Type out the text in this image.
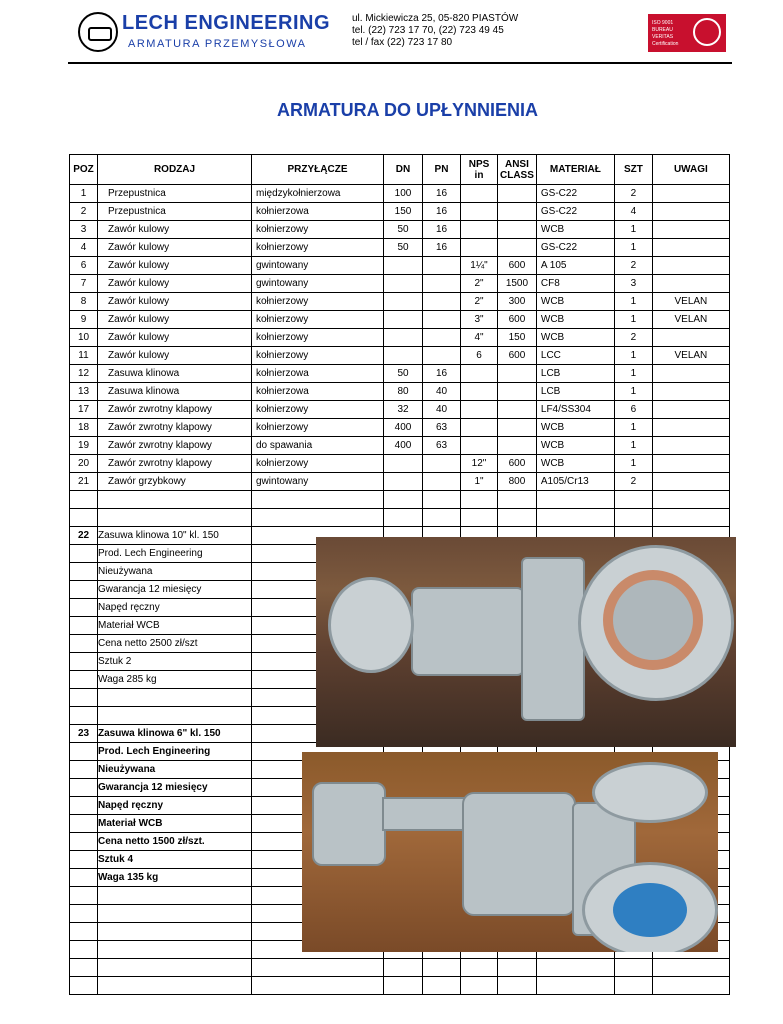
LECH ENGINEERING
ARMATURA PRZEMYSŁOWA
ul. Mickiewicza 25, 05-820 PIASTÓW
tel. (22) 723 17 70, (22) 723 49 45
tel / fax (22) 723 17 80
ISO 9001 BUREAU VERITAS Certification
ARMATURA DO UPŁYNNIENIA
POZ	RODZAJ	PRZYŁĄCZE	DN	PN	NPS in	ANSI CLASS	MATERIAŁ	SZT	UWAGI
1	Przepustnica	międzykołnierzowa	100	16			GS-C22	2	
2	Przepustnica	kołnierzowa	150	16			GS-C22	4	
3	Zawór kulowy	kołnierzowy	50	16			WCB	1	
4	Zawór kulowy	kołnierzowy	50	16			GS-C22	1	
6	Zawór kulowy	gwintowany			1¼"	600	A 105	2	
7	Zawór kulowy	gwintowany			2"	1500	CF8	3	
8	Zawór kulowy	kołnierzowy			2"	300	WCB	1	VELAN
9	Zawór kulowy	kołnierzowy			3"	600	WCB	1	VELAN
10	Zawór kulowy	kołnierzowy			4"	150	WCB	2	
11	Zawór kulowy	kołnierzowy			6	600	LCC	1	VELAN
12	Zasuwa klinowa	kołnierzowa	50	16			LCB	1	
13	Zasuwa klinowa	kołnierzowa	80	40			LCB	1	
17	Zawór zwrotny klapowy	kołnierzowy	32	40			LF4/SS304	6	
18	Zawór zwrotny klapowy	kołnierzowy	400	63			WCB	1	
19	Zawór zwrotny klapowy	do spawania	400	63			WCB	1	
20	Zawór zwrotny klapowy	kołnierzowy			12"	600	WCB	1	
21	Zawór grzybkowy	gwintowany			1"	800	A105/Cr13	2	

22	Zasuwa klinowa 10" kl. 150								
	Prod. Lech Engineering								
	Nieużywana								
	Gwarancja 12 miesięcy								
	Napęd ręczny								
	Materiał WCB								
	Cena netto 2500 zł/szt								
	Sztuk 2								
	Waga 285 kg								

23	Zasuwa klinowa 6" kl. 150								
	Prod. Lech Engineering								
	Nieużywana								
	Gwarancja 12 miesięcy								
	Napęd ręczny								
	Materiał WCB								
	Cena netto 1500 zł/szt.								
	Sztuk 4								
	Waga 135 kg								
